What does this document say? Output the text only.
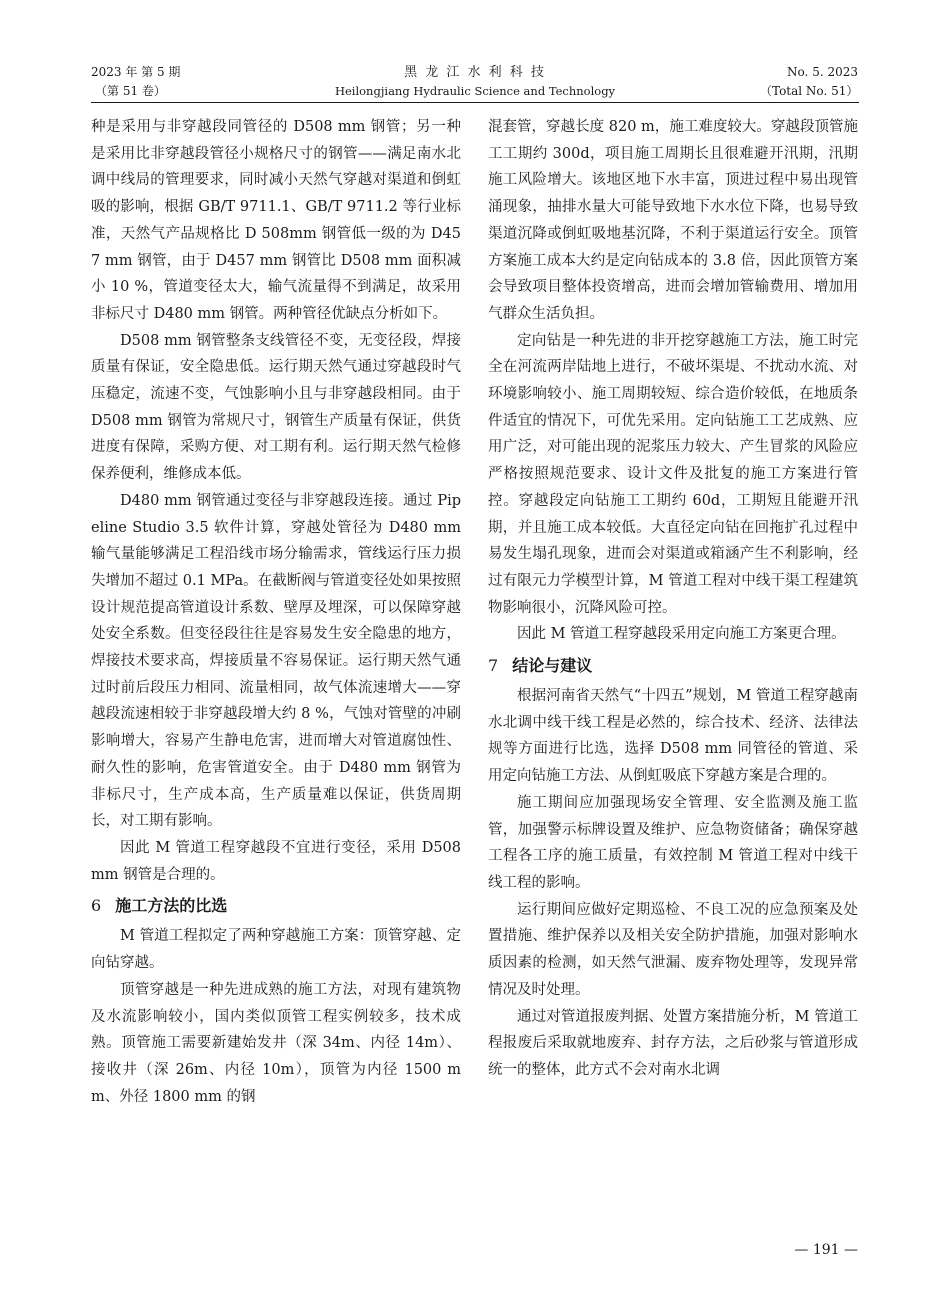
2023 年 第 5 期
（第 51 卷）
黑 龙 江 水 利 科 技
Heilongjiang Hydraulic Science and Technology
No. 5. 2023
（Total No. 51）

种是采用与非穿越段同管径的 D508 mm 钢管；另一种是采用比非穿越段管径小规格尺寸的钢管——满足南水北调中线局的管理要求，同时减小天然气穿越对渠道和倒虹吸的影响，根据 GB/T 9711.1、GB/T 9711.2 等行业标准，天然气产品规格比 D 508mm 钢管低一级的为 D457 mm 钢管，由于 D457 mm 钢管比 D508 mm 面积减小 10 %，管道变径太大，输气流量得不到满足，故采用非标尺寸 D480 mm 钢管。两种管径优缺点分析如下。

D508 mm 钢管整条支线管径不变，无变径段，焊接质量有保证，安全隐患低。运行期天然气通过穿越段时气压稳定，流速不变，气蚀影响小且与非穿越段相同。由于 D508 mm 钢管为常规尺寸，钢管生产质量有保证，供货进度有保障，采购方便、对工期有利。运行期天然气检修保养便利，维修成本低。

D480 mm 钢管通过变径与非穿越段连接。通过 Pipeline Studio 3.5 软件计算，穿越处管径为 D480 mm 输气量能够满足工程沿线市场分输需求，管线运行压力损失增加不超过 0.1 MPa。在截断阀与管道变径处如果按照设计规范提高管道设计系数、壁厚及埋深，可以保障穿越处安全系数。但变径段往往是容易发生安全隐患的地方，焊接技术要求高，焊接质量不容易保证。运行期天然气通过时前后段压力相同、流量相同，故气体流速增大——穿越段流速相较于非穿越段增大约 8 %，气蚀对管壁的冲刷影响增大，容易产生静电危害，进而增大对管道腐蚀性、耐久性的影响，危害管道安全。由于 D480 mm 钢管为非标尺寸，生产成本高，生产质量难以保证，供货周期长，对工期有影响。

因此 M 管道工程穿越段不宜进行变径，采用 D508 mm 钢管是合理的。

6 施工方法的比选

M 管道工程拟定了两种穿越施工方案：顶管穿越、定向钻穿越。

顶管穿越是一种先进成熟的施工方法，对现有建筑物及水流影响较小，国内类似顶管工程实例较多，技术成熟。顶管施工需要新建始发井（深 34m、内径 14m）、接收井（深 26m、内径 10m），顶管为内径 1500 mm、外径 1800 mm 的钢

混套管，穿越长度 820 m，施工难度较大。穿越段顶管施工工期约 300d，项目施工周期长且很难避开汛期，汛期施工风险增大。该地区地下水丰富，顶进过程中易出现管涌现象，抽排水量大可能导致地下水水位下降，也易导致渠道沉降或倒虹吸地基沉降，不利于渠道运行安全。顶管方案施工成本大约是定向钻成本的 3.8 倍，因此顶管方案会导致项目整体投资增高，进而会增加管输费用、增加用气群众生活负担。

定向钻是一种先进的非开挖穿越施工方法，施工时完全在河流两岸陆地上进行，不破坏渠堤、不扰动水流、对环境影响较小、施工周期较短、综合造价较低，在地质条件适宜的情况下，可优先采用。定向钻施工工艺成熟、应用广泛，对可能出现的泥浆压力较大、产生冒浆的风险应严格按照规范要求、设计文件及批复的施工方案进行管控。穿越段定向钻施工工期约 60d，工期短且能避开汛期，并且施工成本较低。大直径定向钻在回拖扩孔过程中易发生塌孔现象，进而会对渠道或箱涵产生不利影响，经过有限元力学模型计算，M 管道工程对中线干渠工程建筑物影响很小，沉降风险可控。

因此 M 管道工程穿越段采用定向施工方案更合理。

7 结论与建议

根据河南省天然气“十四五”规划，M 管道工程穿越南水北调中线干线工程是必然的，综合技术、经济、法律法规等方面进行比选，选择 D508 mm 同管径的管道、采用定向钻施工方法、从倒虹吸底下穿越方案是合理的。

施工期间应加强现场安全管理、安全监测及施工监管，加强警示标牌设置及维护、应急物资储备；确保穿越工程各工序的施工质量，有效控制 M 管道工程对中线干线工程的影响。

运行期间应做好定期巡检、不良工况的应急预案及处置措施、维护保养以及相关安全防护措施，加强对影响水质因素的检测，如天然气泄漏、废弃物处理等，发现异常情况及时处理。

通过对管道报废判据、处置方案措施分析，M 管道工程报废后采取就地废弃、封存方法，之后砂浆与管道形成统一的整体，此方式不会对南水北调

— 191 —
